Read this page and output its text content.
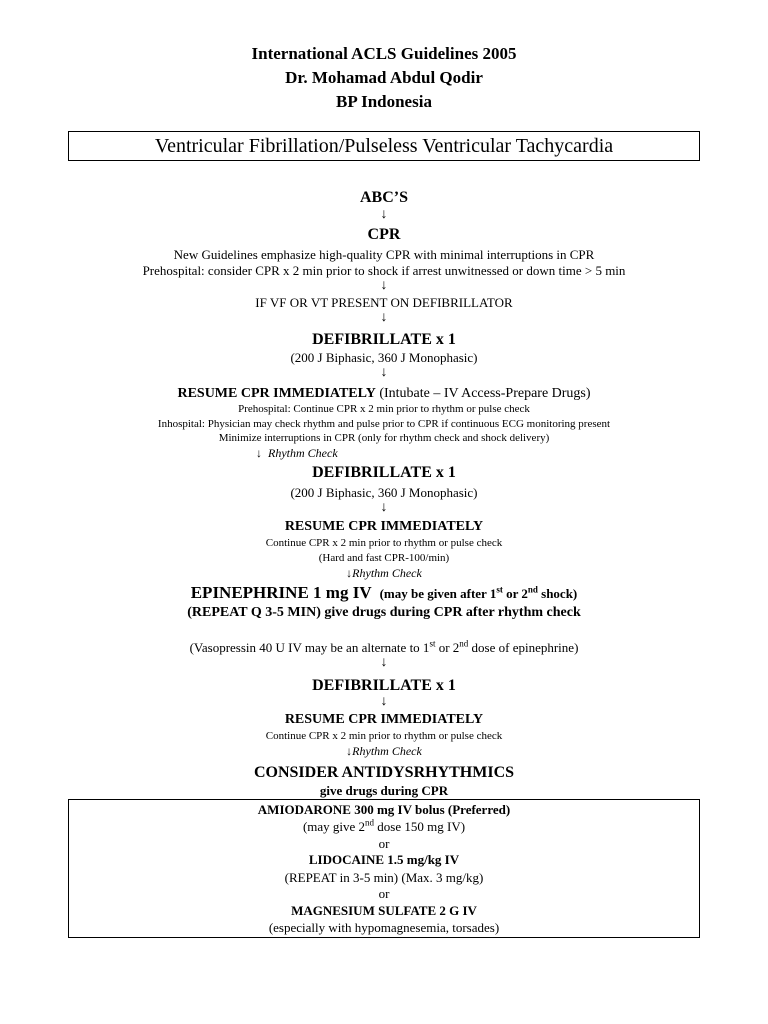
International ACLS Guidelines 2005
Dr. Mohamad Abdul Qodir
BP Indonesia
Ventricular Fibrillation/Pulseless Ventricular Tachycardia
ABC’S
↓
CPR
New Guidelines emphasize high-quality CPR with minimal interruptions in CPR
Prehospital: consider CPR x 2 min prior to shock if arrest unwitnessed or down time > 5 min
↓
IF VF OR VT PRESENT ON DEFIBRILLATOR
↓
DEFIBRILLATE x 1
(200 J Biphasic, 360 J Monophasic)
↓
RESUME CPR IMMEDIATELY (Intubate – IV Access-Prepare Drugs)
Prehospital: Continue CPR x 2 min prior to rhythm or pulse check
Inhospital: Physician may check rhythm and pulse prior to CPR if continuous ECG monitoring present
Minimize interruptions in CPR (only for rhythm check and shock delivery)
↓ Rhythm Check
DEFIBRILLATE x 1
(200 J Biphasic, 360 J Monophasic)
↓
RESUME CPR IMMEDIATELY
Continue CPR x 2 min prior to rhythm or pulse check
(Hard and fast CPR-100/min)
↓Rhythm Check
EPINEPHRINE 1 mg IV (may be given after 1st or 2nd shock)
(REPEAT Q 3-5 MIN) give drugs during CPR after rhythm check
(Vasopressin 40 U IV may be an alternate to 1st or 2nd dose of epinephrine)
↓
DEFIBRILLATE x 1
↓
RESUME CPR IMMEDIATELY
Continue CPR x 2 min prior to rhythm or pulse check
↓Rhythm Check
CONSIDER ANTIDYSRHYTHMICS
give drugs during CPR
AMIODARONE 300 mg IV bolus (Preferred)
(may give 2nd dose 150 mg IV)
or
LIDOCAINE 1.5 mg/kg IV
(REPEAT in 3-5 min) (Max. 3 mg/kg)
or
MAGNESIUM SULFATE 2 G IV
(especially with hypomagnesemia, torsades)
